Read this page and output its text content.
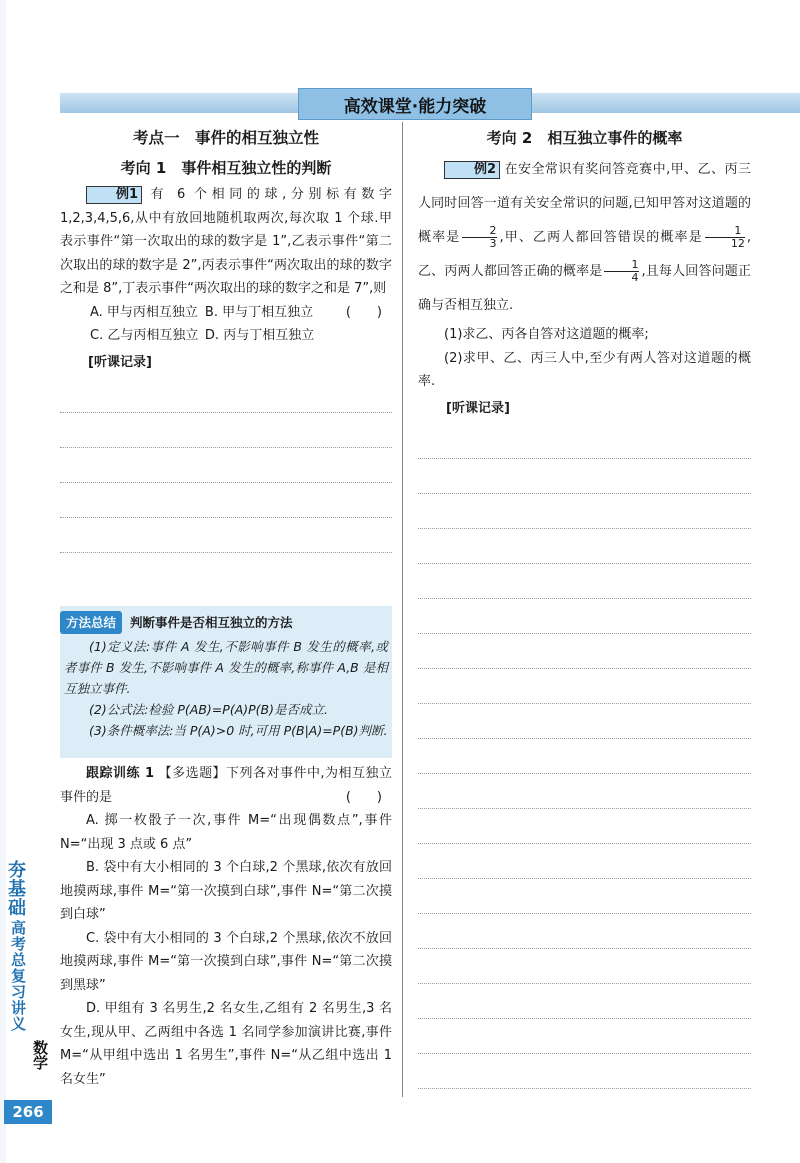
高效课堂·能力突破
考点一　事件的相互独立性
考向 1　事件相互独立性的判断

例1 有 6 个相同的球,分别标有数字 1,2,3,4,5,6,从中有放回地随机取两次,每次取 1 个球.甲表示事件“第一次取出的球的数字是 1”,乙表示事件“第二次取出的球的数字是 2”,丙表示事件“两次取出的球的数字之和是 8”,丁表示事件“两次取出的球的数字之和是 7”,则
(　　)

A. 甲与丙相互独立 B. 甲与丁相互独立
C. 乙与丙相互独立 D. 丙与丁相互独立
[听课记录]
方法总结	判断事件是否相互独立的方法

(1)定义法:事件 A 发生,不影响事件 B 发生的概率,或者事件 B 发生,不影响事件 A 发生的概率,称事件 A,B 是相互独立事件.

(2)公式法:检验 P(AB)=P(A)P(B)是否成立.

(3)条件概率法:当 P(A)>0 时,可用 P(B|A)=P(B)判断.

跟踪训练 1 【多选题】下列各对事件中,为相互独立事件的是	(　　)

A. 掷一枚骰子一次,事件 M=“出现偶数点”,事件 N=“出现 3 点或 6 点”

B. 袋中有大小相同的 3 个白球,2 个黑球,依次有放回地摸两球,事件 M=“第一次摸到白球”,事件 N=“第二次摸到白球”

C. 袋中有大小相同的 3 个白球,2 个黑球,依次不放回地摸两球,事件 M=“第一次摸到白球”,事件 N=“第二次摸到黑球”

D. 甲组有 3 名男生,2 名女生,乙组有 2 名男生,3 名女生,现从甲、乙两组中各选 1 名同学参加演讲比赛,事件 M=“从甲组中选出 1 名男生”,事件 N=“从乙组中选出 1 名女生”

考向 2　相互独立事件的概率

例2 在安全常识有奖问答竞赛中,甲、乙、丙三人同时回答一道有关安全常识的问题,已知甲答对这道题的概率是 $\frac{2}{3}$ ,甲、乙两人都回答错误的概率是 $\frac{1}{12}$ ,乙、丙两人都回答正确的概率是 $\frac{1}{4}$ ,且每人回答问题正确与否相互独立.

(1)求乙、丙各自答对这道题的概率;

(2)求甲、乙、丙三人中,至少有两人答对这道题的概率.

[听课记录]
夯基础
高考总复习讲义
数学
266
